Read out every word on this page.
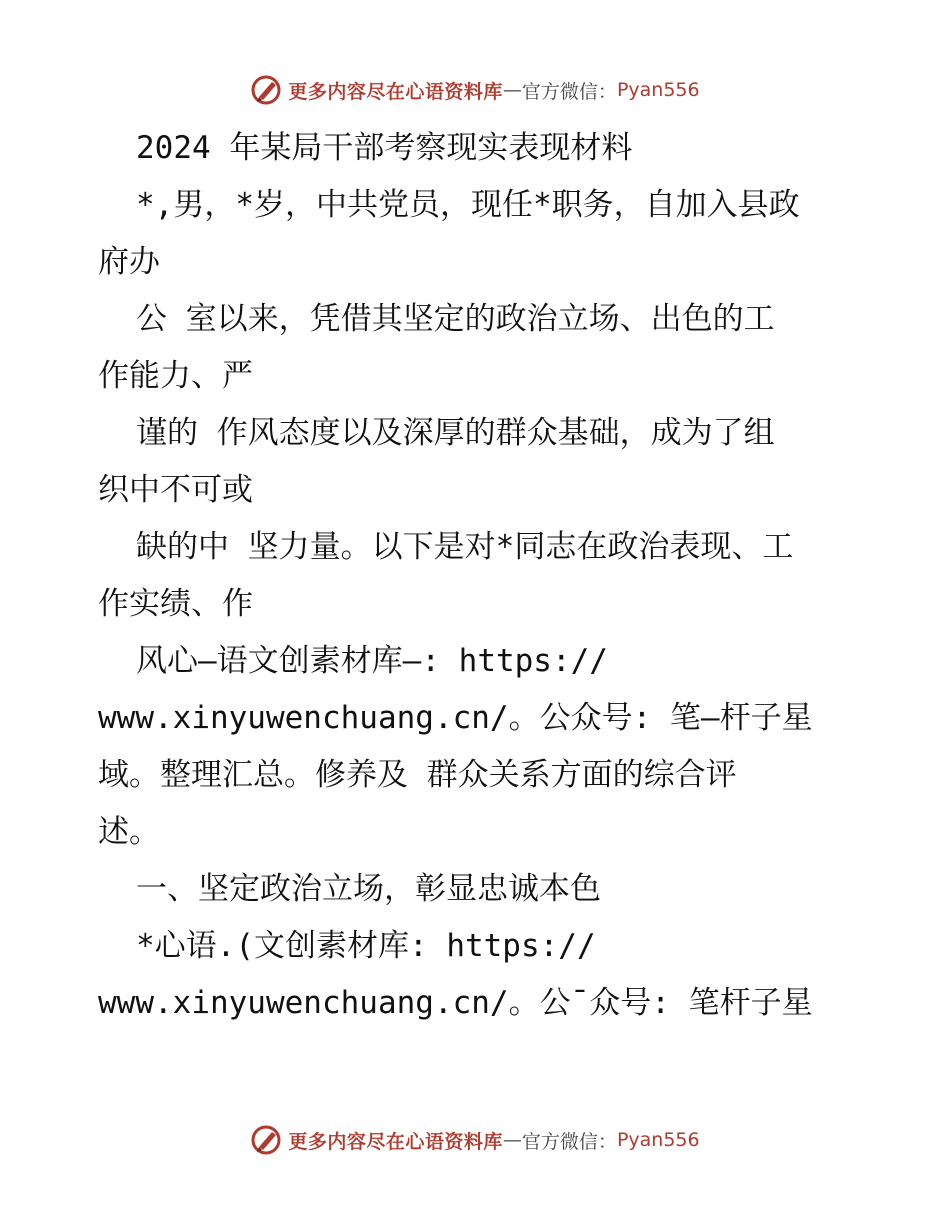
更多内容尽在心语资料库 — 官方微信： Pyan556
2024 年某局干部考察现实表现材料
*,男，*岁，中共党员，现任*职务，自加入县政
府办
公 室以来，凭借其坚定的政治立场、出色的工
作能力、严
谨的 作风态度以及深厚的群众基础，成为了组
织中不可或
缺的中 坚力量。以下是对*同志在政治表现、工
作实绩、作
风心—语文创素材库—: https://
www.xinyuwenchuang.cn/。公众号: 笔—杆子星
域。整理汇总。修养及 群众关系方面的综合评
述。
一、坚定政治立场，彰显忠诚本色
*心语.(文创素材库: https://
www.xinyuwenchuang.cn/。公¯众号: 笔杆子星
更多内容尽在心语资料库 — 官方微信： Pyan556
